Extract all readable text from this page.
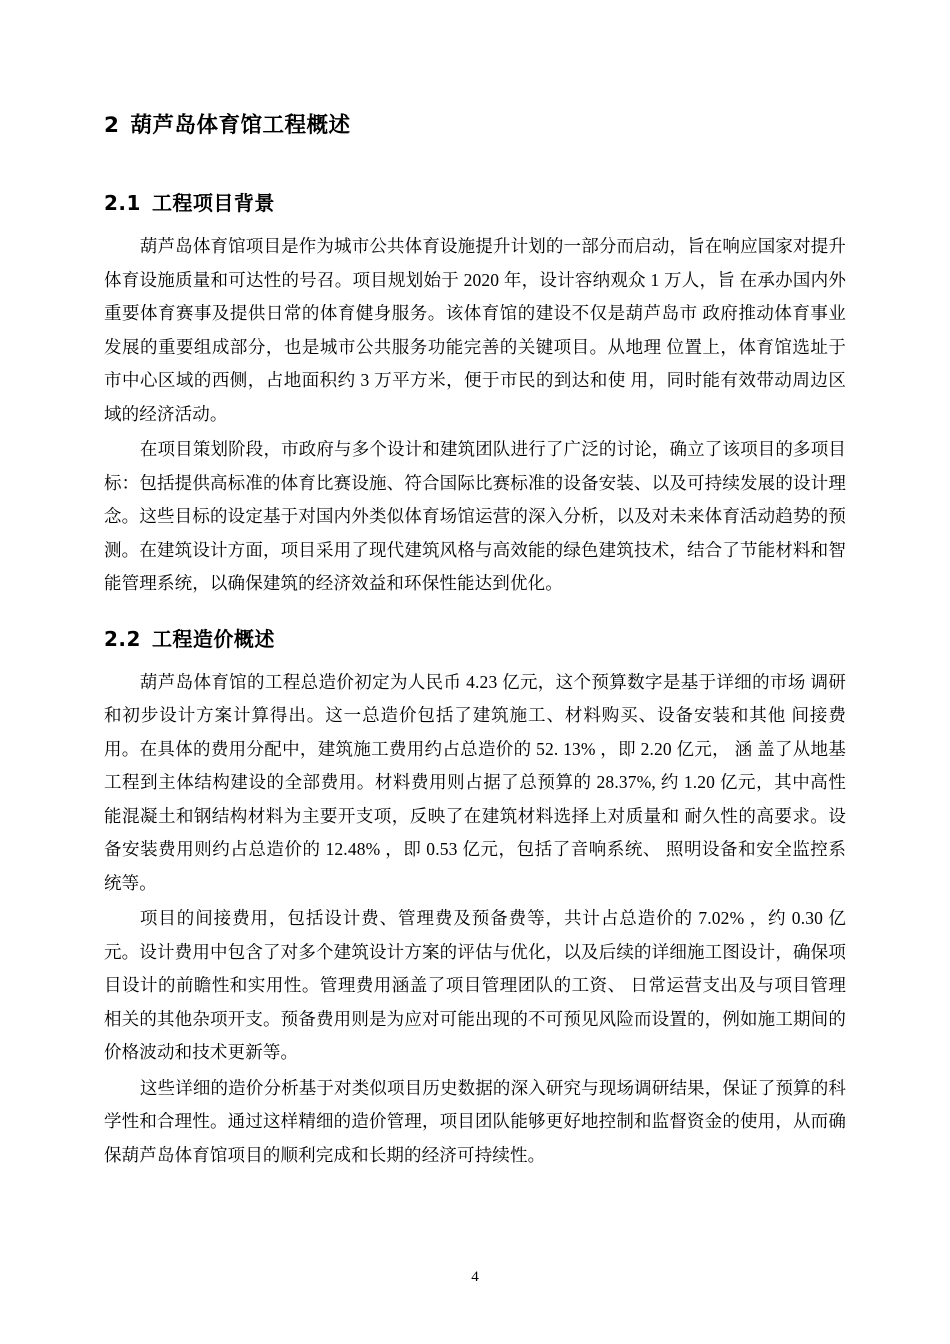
2 葫芦岛体育馆工程概述
2.1 工程项目背景

葫芦岛体育馆项目是作为城市公共体育设施提升计划的一部分而启动，旨在响应国家对提升体育设施质量和可达性的号召。项目规划始于 2020 年，设计容纳观众 1 万人，旨 在承办国内外重要体育赛事及提供日常的体育健身服务。该体育馆的建设不仅是葫芦岛市 政府推动体育事业发展的重要组成部分，也是城市公共服务功能完善的关键项目。从地理 位置上，体育馆选址于市中心区域的西侧，占地面积约 3 万平方米，便于市民的到达和使 用，同时能有效带动周边区域的经济活动。

在项目策划阶段，市政府与多个设计和建筑团队进行了广泛的讨论，确立了该项目的多项目标：包括提供高标准的体育比赛设施、符合国际比赛标准的设备安装、以及可持续发展的设计理念。这些目标的设定基于对国内外类似体育场馆运营的深入分析，以及对未来体育活动趋势的预测。在建筑设计方面，项目采用了现代建筑风格与高效能的绿色建筑技术，结合了节能材料和智能管理系统，以确保建筑的经济效益和环保性能达到优化。

2.2 工程造价概述

葫芦岛体育馆的工程总造价初定为人民币 4.23 亿元，这个预算数字是基于详细的市场 调研和初步设计方案计算得出。这一总造价包括了建筑施工、材料购买、设备安装和其他 间接费用。在具体的费用分配中，建筑施工费用约占总造价的 52. 13% ，即 2.20 亿元， 涵 盖了从地基工程到主体结构建设的全部费用。材料费用则占据了总预算的 28.37%, 约 1.20 亿元，其中高性能混凝土和钢结构材料为主要开支项，反映了在建筑材料选择上对质量和 耐久性的高要求。设备安装费用则约占总造价的 12.48% ，即 0.53 亿元，包括了音响系统、 照明设备和安全监控系统等。

项目的间接费用，包括设计费、管理费及预备费等，共计占总造价的 7.02% ，约 0.30 亿元。设计费用中包含了对多个建筑设计方案的评估与优化，以及后续的详细施工图设计，确保项目设计的前瞻性和实用性。管理费用涵盖了项目管理团队的工资、 日常运营支出及与项目管理相关的其他杂项开支。预备费用则是为应对可能出现的不可预见风险而设置的，例如施工期间的价格波动和技术更新等。

这些详细的造价分析基于对类似项目历史数据的深入研究与现场调研结果，保证了预算的科学性和合理性。通过这样精细的造价管理，项目团队能够更好地控制和监督资金的使用，从而确保葫芦岛体育馆项目的顺利完成和长期的经济可持续性。

4
